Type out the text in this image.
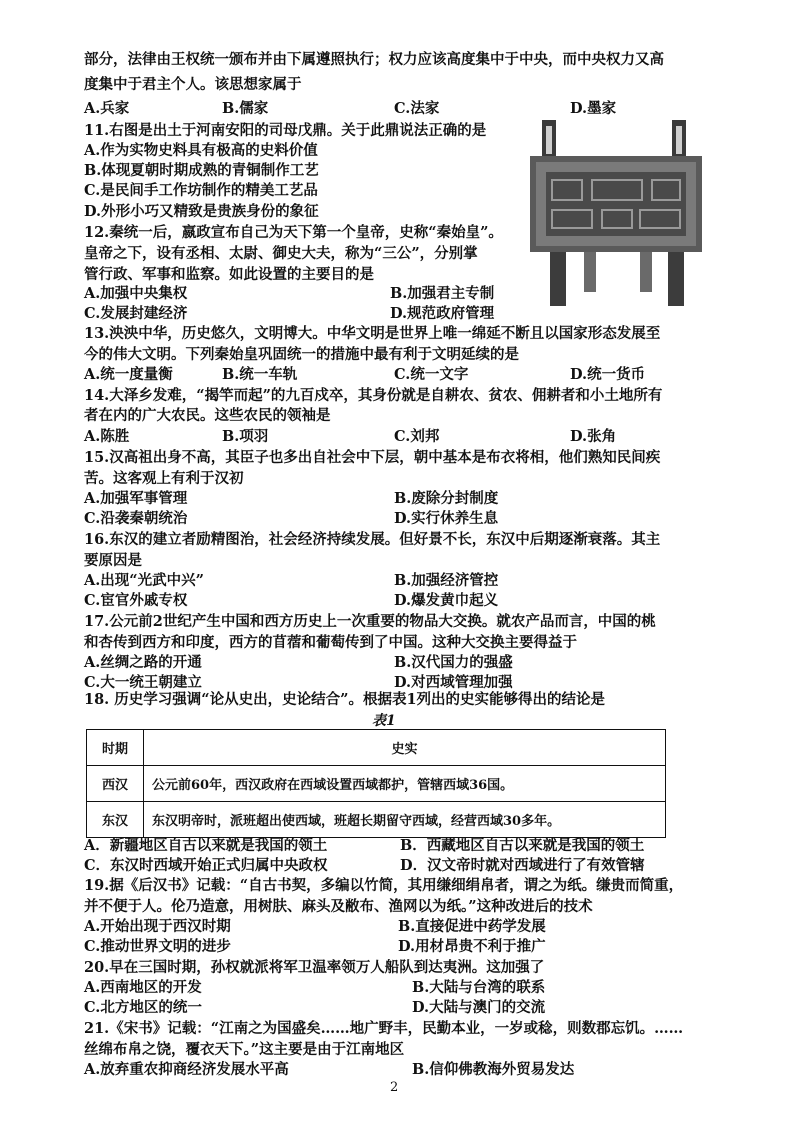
部分，法律由王权统一颁布并由下属遵照执行；权力应该高度集中于中央，而中央权力又高
度集中于君主个人。该思想家属于
A.兵家	B.儒家	C.法家	D.墨家
11.右图是出土于河南安阳的司母戊鼎。关于此鼎说法正确的是
A.作为实物史料具有极高的史料价值
B.体现夏朝时期成熟的青铜制作工艺
C.是民间手工作坊制作的精美工艺品
D.外形小巧又精致是贵族身份的象征
12.秦统一后，嬴政宣布自己为天下第一个皇帝，史称“秦始皇”。
皇帝之下，设有丞相、太尉、御史大夫，称为“三公”，分别掌
管行政、军事和监察。如此设置的主要目的是
A.加强中央集权	B.加强君主专制
C.发展封建经济	D.规范政府管理
13.泱泱中华，历史悠久，文明博大。中华文明是世界上唯一绵延不断且以国家形态发展至
今的伟大文明。下列秦始皇巩固统一的措施中最有利于文明延续的是
A.统一度量衡	B.统一车轨	C.统一文字	D.统一货币
14.大泽乡发难，“揭竿而起”的九百戍卒，其身份就是自耕农、贫农、佣耕者和小土地所有
者在内的广大农民。这些农民的领袖是
A.陈胜	B.项羽	C.刘邦	D.张角
15.汉高祖出身不高，其臣子也多出自社会中下层，朝中基本是布衣将相，他们熟知民间疾
苦。这客观上有利于汉初
A.加强军事管理	B.废除分封制度
C.沿袭秦朝统治	D.实行休养生息
16.东汉的建立者励精图治，社会经济持续发展。但好景不长，东汉中后期逐渐衰落。其主
要原因是
A.出现“光武中兴”	B.加强经济管控
C.宦官外戚专权	D.爆发黄巾起义
17.公元前2世纪产生中国和西方历史上一次重要的物品大交换。就农产品而言，中国的桃
和杏传到西方和印度，西方的苜蓿和葡萄传到了中国。这种大交换主要得益于
A.丝绸之路的开通	B.汉代国力的强盛
C.大一统王朝建立	D.对西域管理加强
18. 历史学习强调“论从史出，史论结合”。根据表1列出的史实能够得出的结论是
表1
时期	史实
西汉	公元前60年，西汉政府在西域设置西域都护，管辖西域36国。
东汉	东汉明帝时，派班超出使西域，班超长期留守西域，经营西域30多年。
A．新疆地区自古以来就是我国的领土	B．西藏地区自古以来就是我国的领土
C．东汉时西域开始正式归属中央政权	D．汉文帝时就对西域进行了有效管辖
19.据《后汉书》记载：“自古书契，多编以竹简，其用缣细绢帛者，谓之为纸。缣贵而简重，
并不便于人。伦乃造意，用树肤、麻头及敝布、渔网以为纸。”这种改进后的技术
A.开始出现于西汉时期	B.直接促进中药学发展
C.推动世界文明的进步	D.用材昂贵不利于推广
20.早在三国时期，孙权就派将军卫温率领万人船队到达夷洲。这加强了
A.西南地区的开发	B.大陆与台湾的联系
C.北方地区的统一	D.大陆与澳门的交流
21.《宋书》记载：“江南之为国盛矣……地广野丰，民勤本业，一岁或稔，则数郡忘饥。……
丝绵布帛之饶，覆衣天下。”这主要是由于江南地区
A.放弃重农抑商经济发展水平高	B.信仰佛教海外贸易发达
2
